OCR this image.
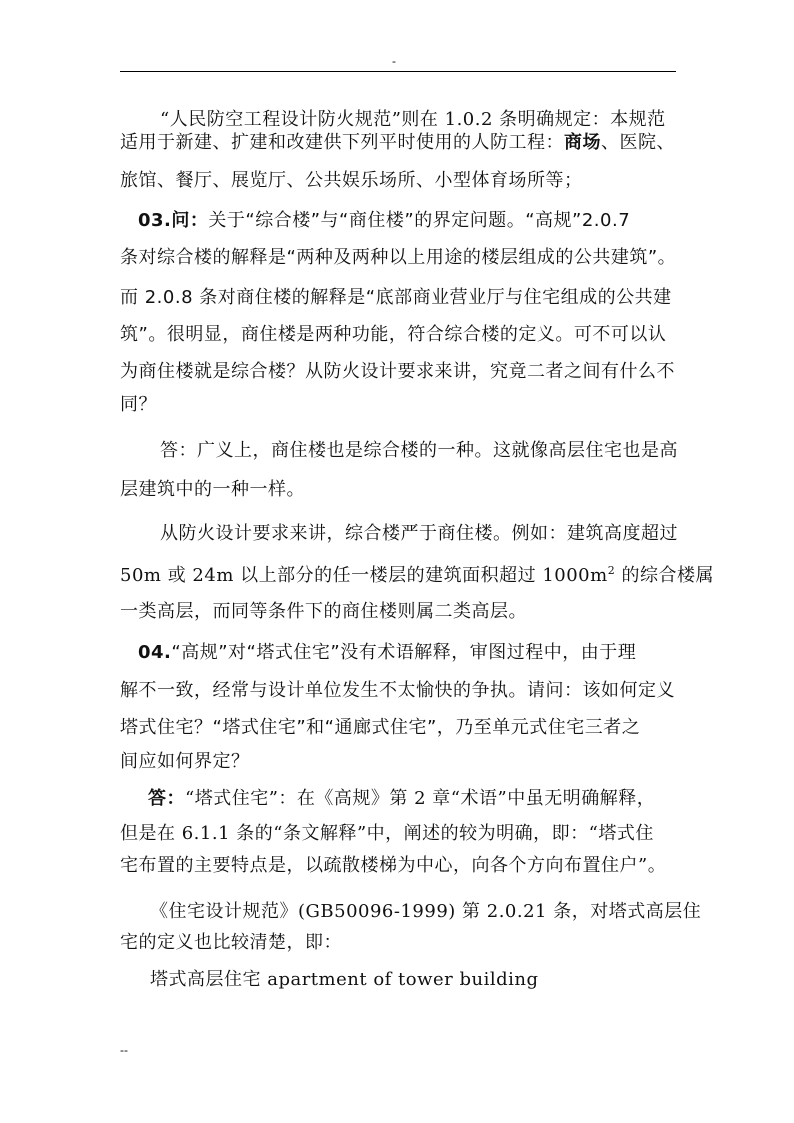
-
“人民防空工程设计防火规范”则在 1.0.2 条明确规定：本规范
适用于新建、扩建和改建供下列平时使用的人防工程：商场、医院、
旅馆、餐厅、展览厅、公共娱乐场所、小型体育场所等；
03.问：关于“综合楼”与“商住楼”的界定问题。“高规”2.0.7
条对综合楼的解释是“两种及两种以上用途的楼层组成的公共建筑”。
而 2.0.8 条对商住楼的解释是“底部商业营业厅与住宅组成的公共建
筑”。很明显，商住楼是两种功能，符合综合楼的定义。可不可以认
为商住楼就是综合楼？从防火设计要求来讲，究竟二者之间有什么不
同？
答：广义上，商住楼也是综合楼的一种。这就像高层住宅也是高
层建筑中的一种一样。
从防火设计要求来讲，综合楼严于商住楼。例如：建筑高度超过
50m 或 24m 以上部分的任一楼层的建筑面积超过 $1000m^2$ 的综合楼属
一类高层，而同等条件下的商住楼则属二类高层。
04.“高规”对“塔式住宅”没有术语解释，审图过程中，由于理
解不一致，经常与设计单位发生不太愉快的争执。请问：该如何定义
塔式住宅？“塔式住宅”和“通廊式住宅”，乃至单元式住宅三者之
间应如何界定？
答：“塔式住宅”：在《高规》第 2 章“术语”中虽无明确解释，
但是在 6.1.1 条的“条文解释”中，阐述的较为明确，即：“塔式住
宅布置的主要特点是，以疏散楼梯为中心，向各个方向布置住户”。
《住宅设计规范》(GB50096-1999) 第 2.0.21 条，对塔式高层住
宅的定义也比较清楚，即：
塔式高层住宅 apartment of tower building
--
